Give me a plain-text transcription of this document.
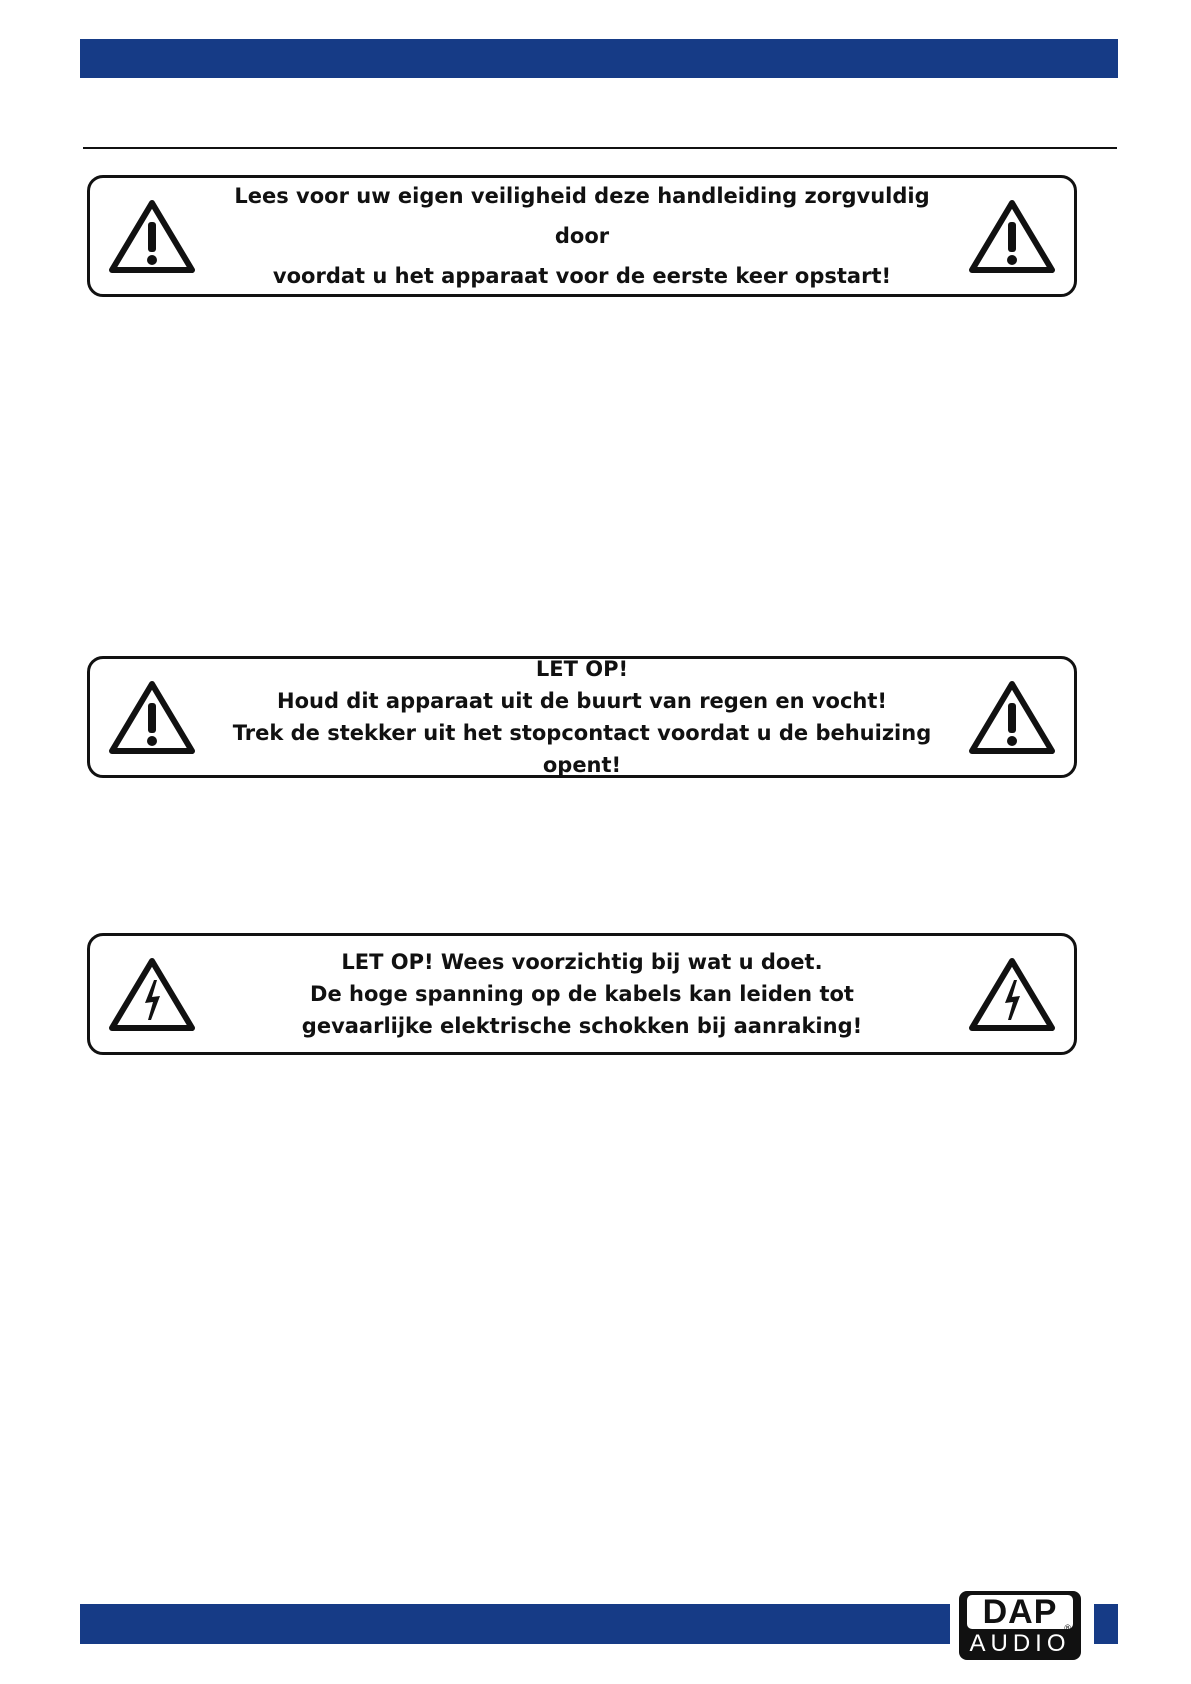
Lees voor uw eigen veiligheid deze handleiding zorgvuldig door
voordat u het apparaat voor de eerste keer opstart!
LET OP!
Houd dit apparaat uit de buurt van regen en vocht!
Trek de stekker uit het stopcontact voordat u de behuizing opent!
LET OP! Wees voorzichtig bij wat u doet.
De hoge spanning op de kabels kan leiden tot
gevaarlijke elektrische schokken bij aanraking!
DAP ®
AUDIO
